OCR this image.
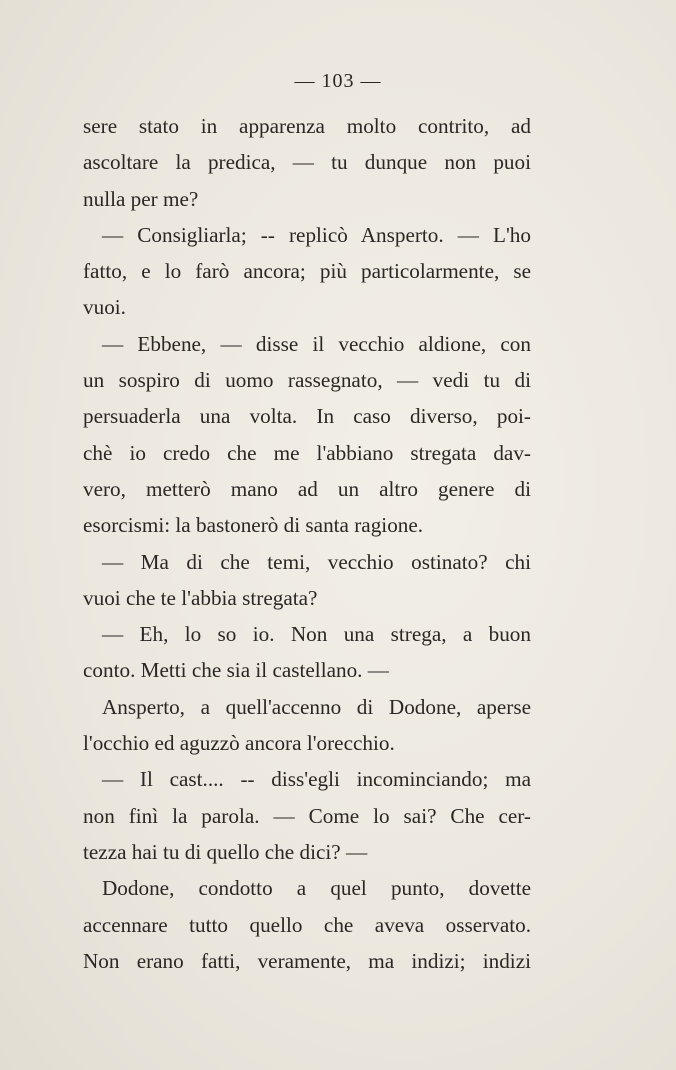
— 103 —
sere stato in apparenza molto contrito, ad
ascoltare la predica, — tu dunque non puoi
nulla per me?
— Consigliarla; -- replicò Ansperto. — L'ho
fatto, e lo farò ancora; più particolarmente, se
vuoi.
— Ebbene, — disse il vecchio aldione, con
un sospiro di uomo rassegnato, — vedi tu di
persuaderla una volta. In caso diverso, poi-
chè io credo che me l'abbiano stregata dav-
vero, metterò mano ad un altro genere di
esorcismi: la bastonerò di santa ragione.
— Ma di che temi, vecchio ostinato? chi
vuoi che te l'abbia stregata?
— Eh, lo so io. Non una strega, a buon
conto. Metti che sia il castellano. —
Ansperto, a quell'accenno di Dodone, aperse
l'occhio ed aguzzò ancora l'orecchio.
— Il cast.... -- diss'egli incominciando; ma
non finì la parola. — Come lo sai? Che cer-
tezza hai tu di quello che dici? —
Dodone, condotto a quel punto, dovette
accennare tutto quello che aveva osservato.
Non erano fatti, veramente, ma indizi; indizi
